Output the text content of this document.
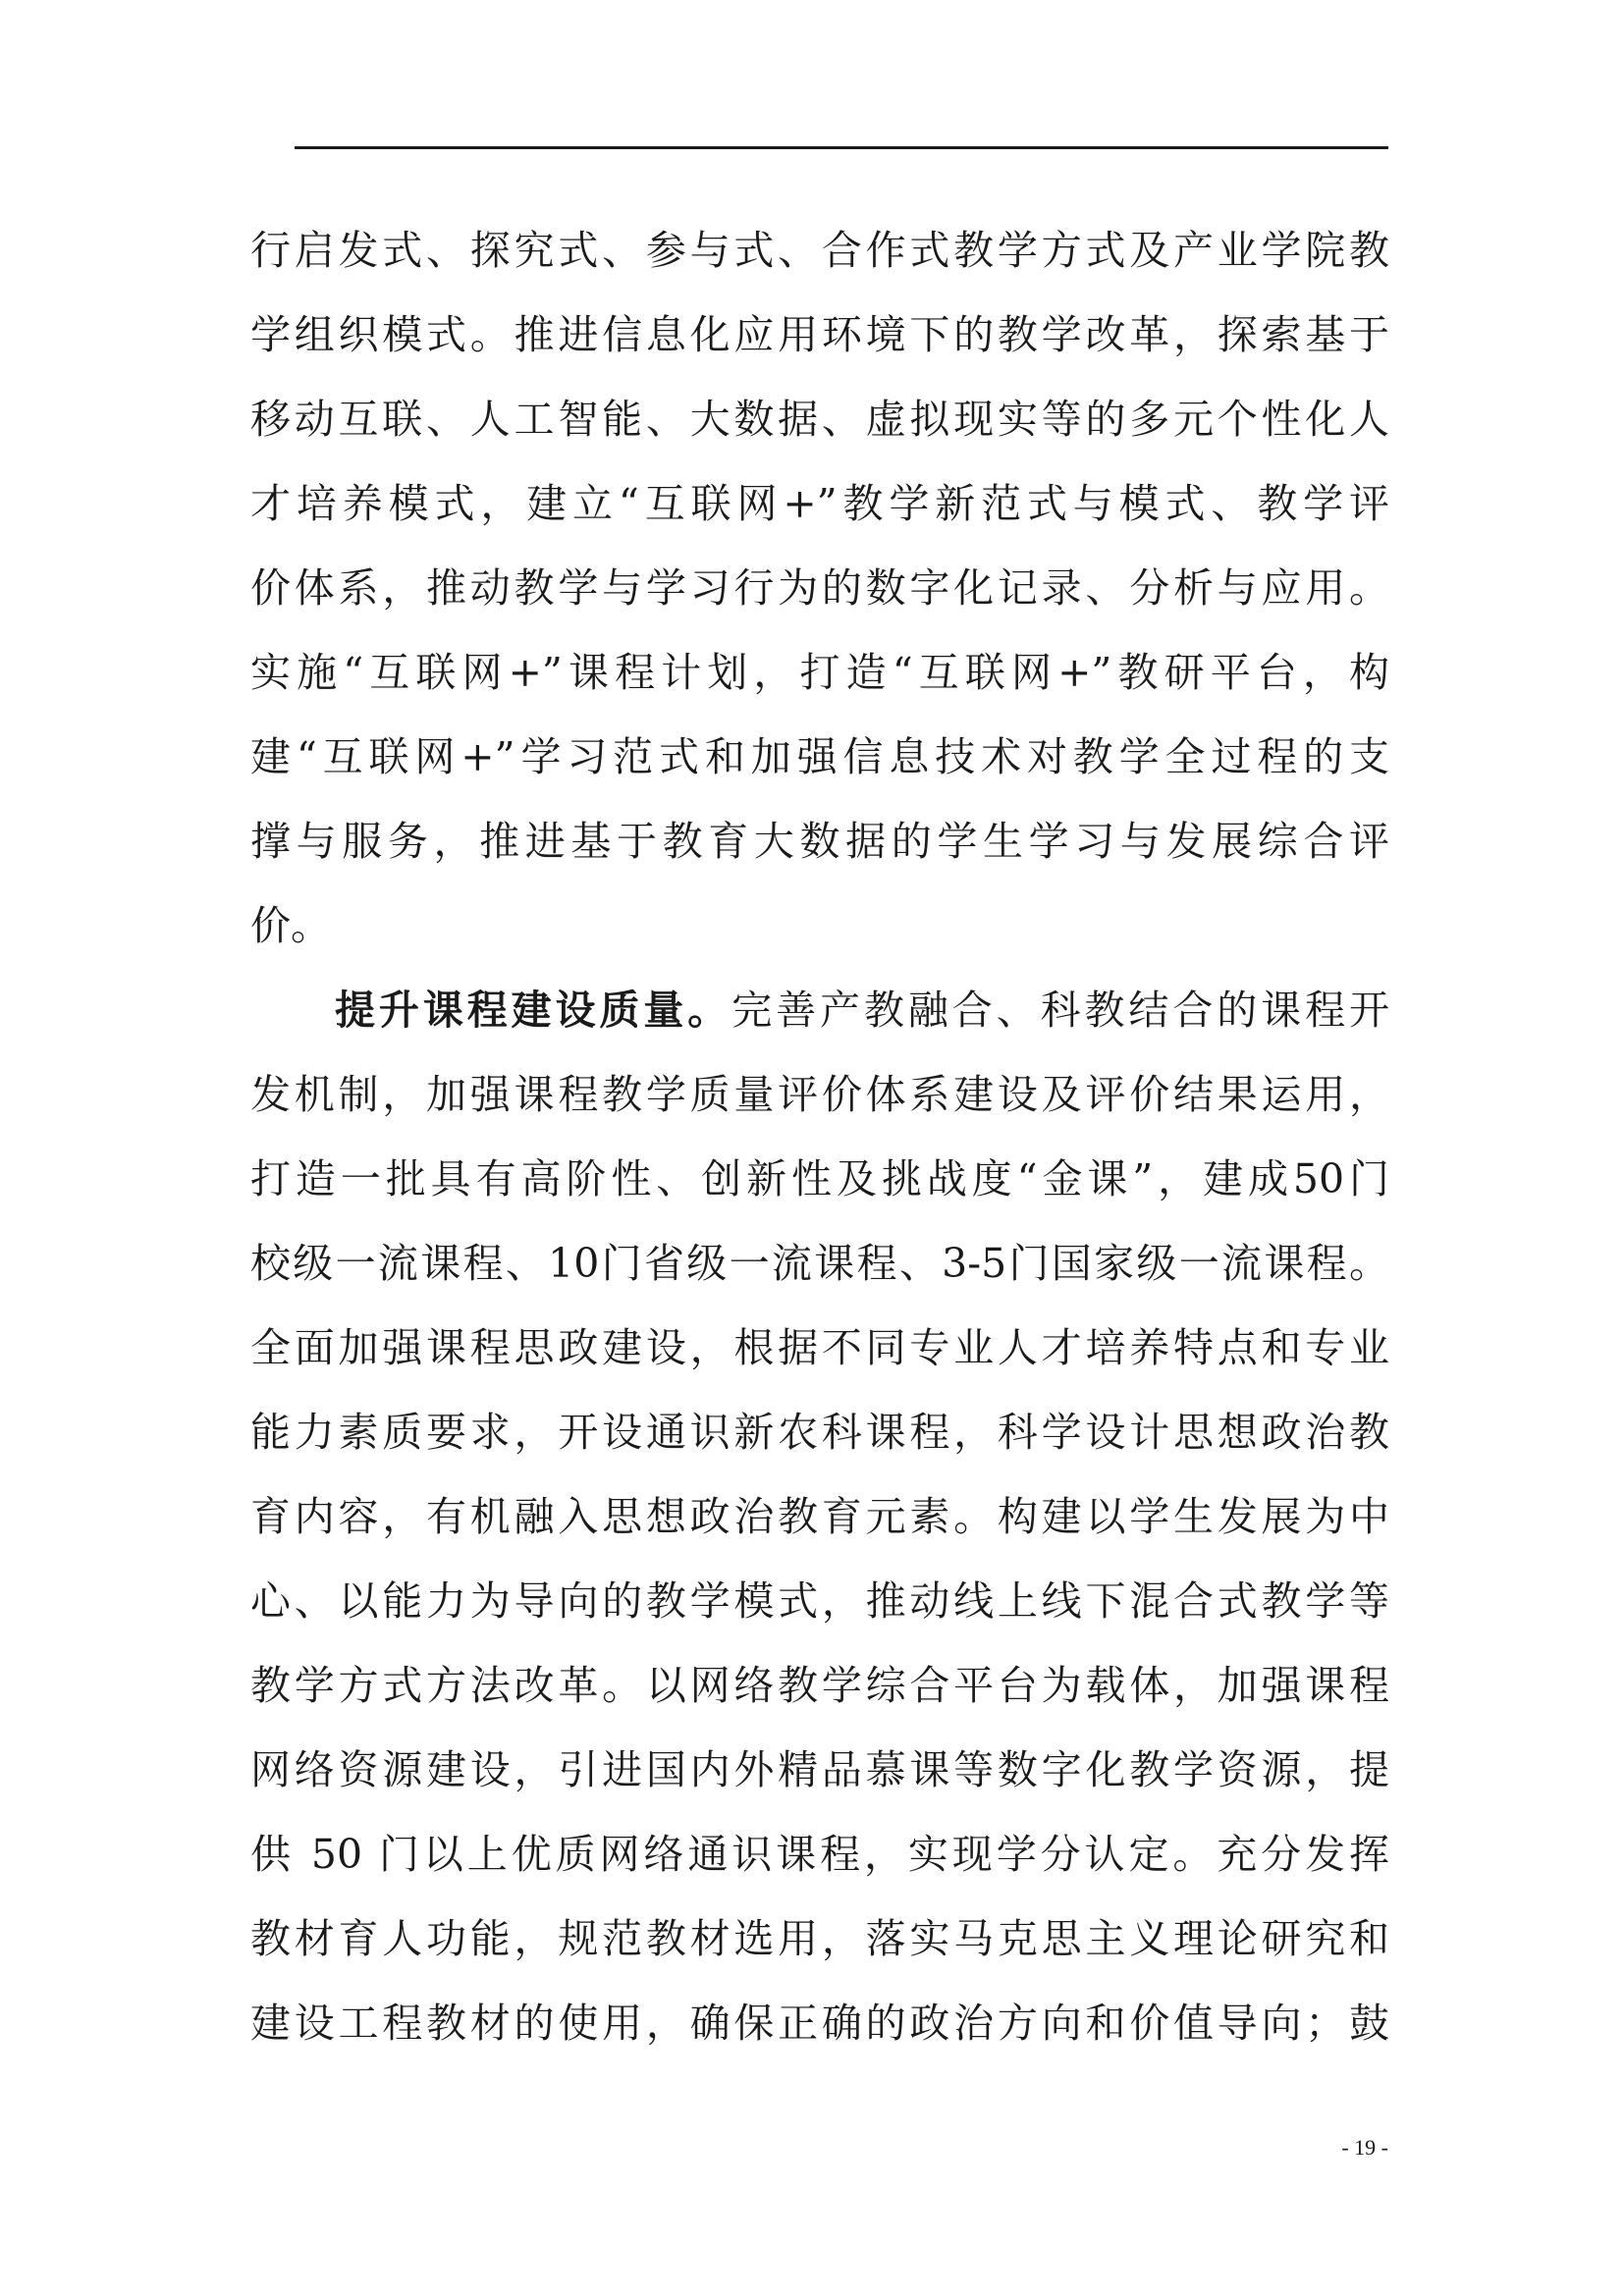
行启发式、探究式、参与式、合作式教学方式及产业学院教
学组织模式。推进信息化应用环境下的教学改革，探索基于
移动互联、人工智能、大数据、虚拟现实等的多元个性化人
才培养模式，建立“互联网+”教学新范式与模式、教学评
价体系，推动教学与学习行为的数字化记录、分析与应用。
实施“互联网+”课程计划，打造“互联网+”教研平台，构
建“互联网+”学习范式和加强信息技术对教学全过程的支
撑与服务，推进基于教育大数据的学生学习与发展综合评
价。
提升课程建设质量。完善产教融合、科教结合的课程开
发机制，加强课程教学质量评价体系建设及评价结果运用，
打造一批具有高阶性、创新性及挑战度“金课”，建成50门
校级一流课程、10门省级一流课程、3-5门国家级一流课程。
全面加强课程思政建设，根据不同专业人才培养特点和专业
能力素质要求，开设通识新农科课程，科学设计思想政治教
育内容，有机融入思想政治教育元素。构建以学生发展为中
心、以能力为导向的教学模式，推动线上线下混合式教学等
教学方式方法改革。以网络教学综合平台为载体，加强课程
网络资源建设，引进国内外精品慕课等数字化教学资源，提
供 50 门以上优质网络通识课程，实现学分认定。充分发挥
教材育人功能，规范教材选用，落实马克思主义理论研究和
建设工程教材的使用，确保正确的政治方向和价值导向；鼓
- 19 -
